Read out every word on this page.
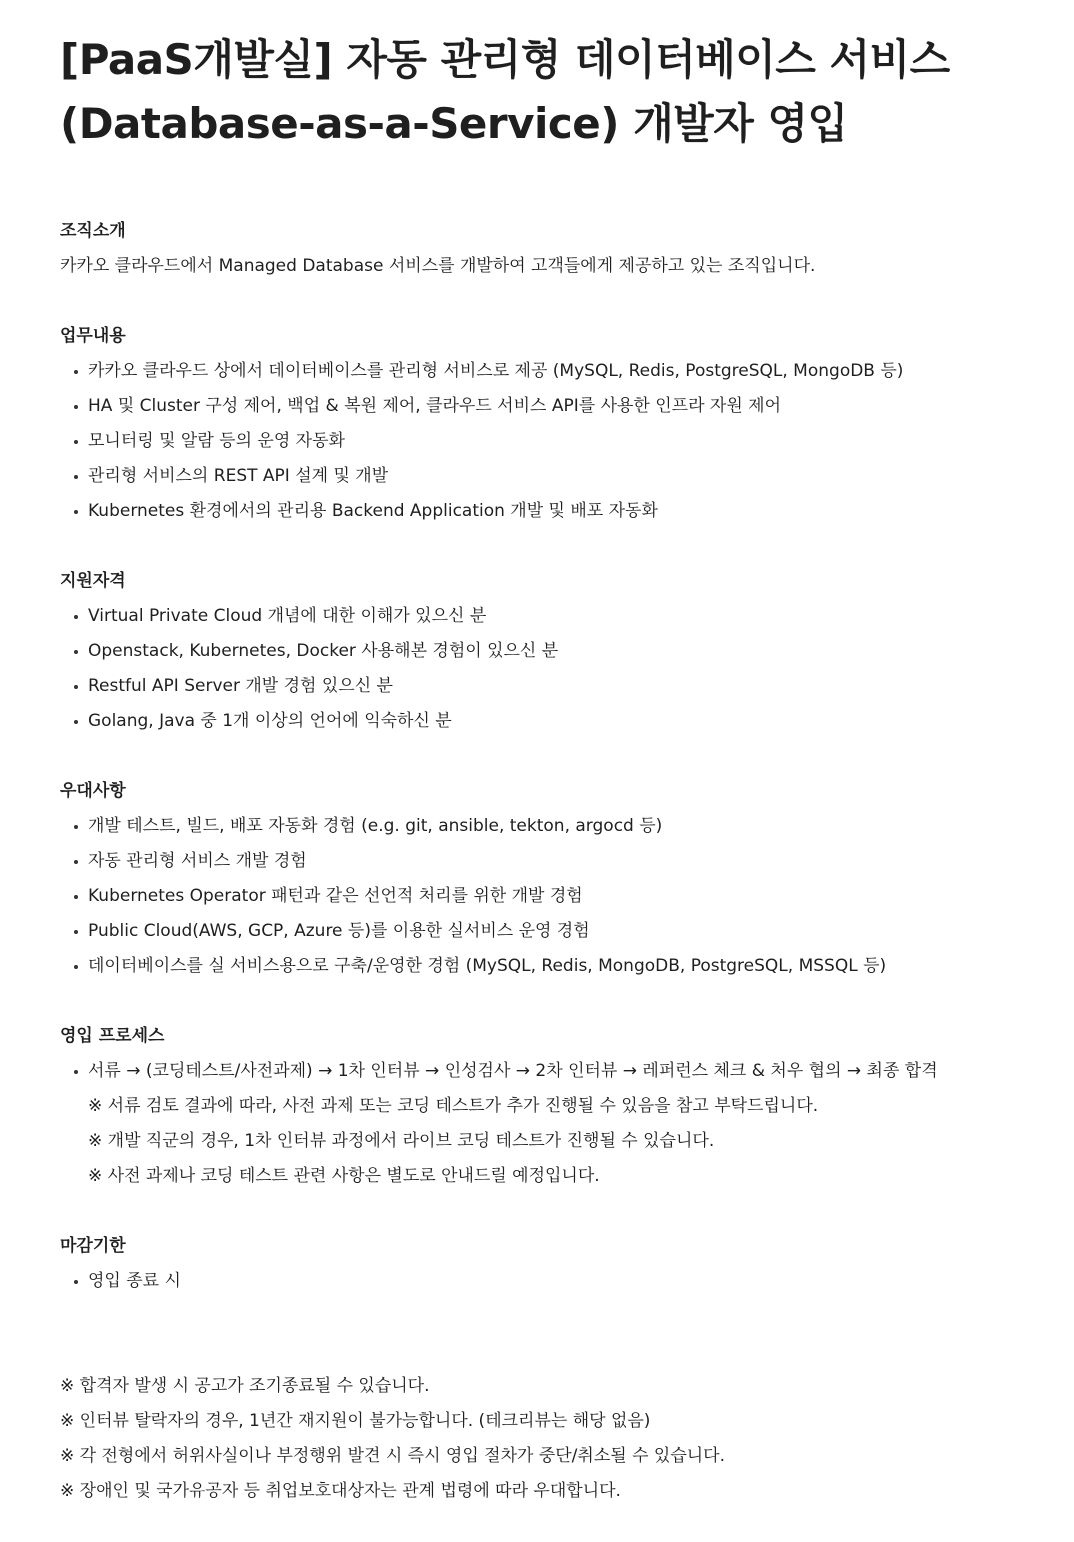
[PaaS개발실] 자동 관리형 데이터베이스 서비스
(Database-as-a-Service) 개발자 영입
조직소개

카카오 클라우드에서 Managed Database 서비스를 개발하여 고객들에게 제공하고 있는 조직입니다.

업무내용
카카오 클라우드 상에서 데이터베이스를 관리형 서비스로 제공 (MySQL, Redis, PostgreSQL, MongoDB 등)
HA 및 Cluster 구성 제어, 백업 & 복원 제어, 클라우드 서비스 API를 사용한 인프라 자원 제어
모니터링 및 알람 등의 운영 자동화
관리형 서비스의 REST API 설계 및 개발
Kubernetes 환경에서의 관리용 Backend Application 개발 및 배포 자동화
지원자격
Virtual Private Cloud 개념에 대한 이해가 있으신 분
Openstack, Kubernetes, Docker 사용해본 경험이 있으신 분
Restful API Server 개발 경험 있으신 분
Golang, Java 중 1개 이상의 언어에 익숙하신 분
우대사항
개발 테스트, 빌드, 배포 자동화 경험 (e.g. git, ansible, tekton, argocd 등)
자동 관리형 서비스 개발 경험
Kubernetes Operator 패턴과 같은 선언적 처리를 위한 개발 경험
Public Cloud(AWS, GCP, Azure 등)를 이용한 실서비스 운영 경험
데이터베이스를 실 서비스용으로 구축/운영한 경험 (MySQL, Redis, MongoDB, PostgreSQL, MSSQL 등)
영입 프로세스
서류 → (코딩테스트/사전과제) → 1차 인터뷰 → 인성검사 → 2차 인터뷰 → 레퍼런스 체크 & 처우 협의 → 최종 합격
※ 서류 검토 결과에 따라, 사전 과제 또는 코딩 테스트가 추가 진행될 수 있음을 참고 부탁드립니다.
※ 개발 직군의 경우, 1차 인터뷰 과정에서 라이브 코딩 테스트가 진행될 수 있습니다.
※ 사전 과제나 코딩 테스트 관련 사항은 별도로 안내드릴 예정입니다.
마감기한
영입 종료 시
※ 합격자 발생 시 공고가 조기종료될 수 있습니다.
※ 인터뷰 탈락자의 경우, 1년간 재지원이 불가능합니다. (테크리뷰는 해당 없음)
※ 각 전형에서 허위사실이나 부정행위 발견 시 즉시 영입 절차가 중단/취소될 수 있습니다.
※ 장애인 및 국가유공자 등 취업보호대상자는 관계 법령에 따라 우대합니다.
